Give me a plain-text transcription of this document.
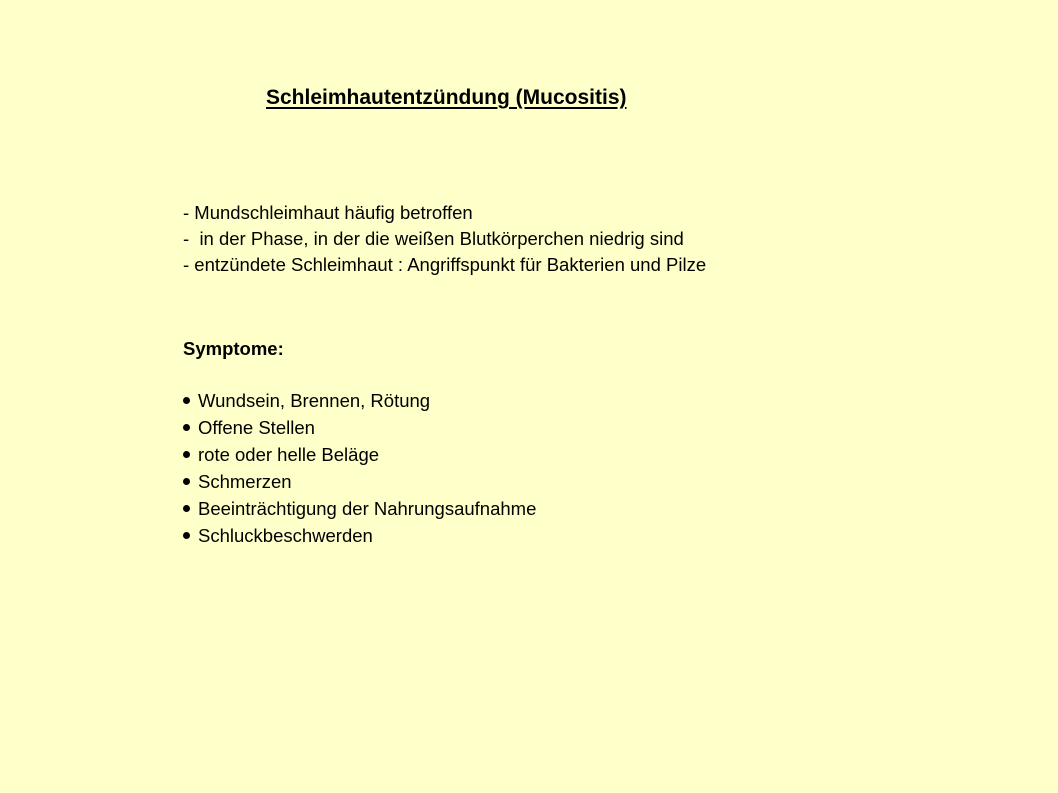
Schleimhautentzündung (Mucositis)
- Mundschleimhaut häufig betroffen
-  in der Phase, in der die weißen Blutkörperchen niedrig sind
- entzündete Schleimhaut : Angriffspunkt für Bakterien und Pilze
Symptome:
Wundsein, Brennen, Rötung
Offene Stellen
rote oder helle Beläge
Schmerzen
Beeinträchtigung der Nahrungsaufnahme
Schluckbeschwerden
